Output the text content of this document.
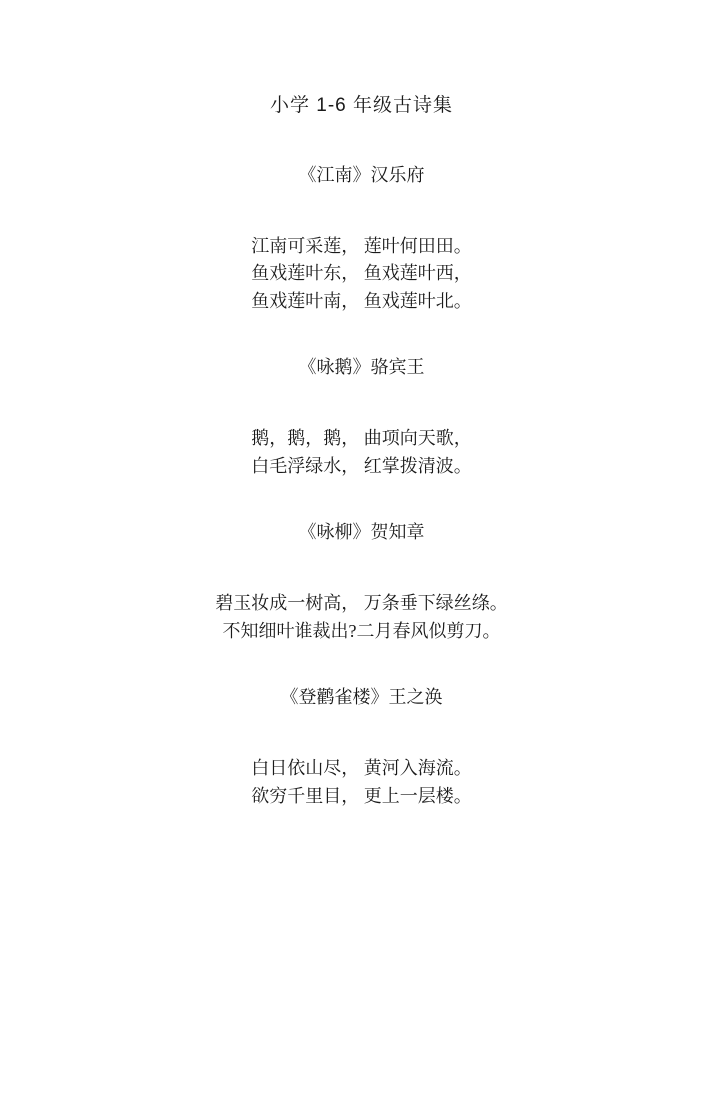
小学 1-6 年级古诗集
《江南》汉乐府
江南可采莲， 莲叶何田田。
鱼戏莲叶东， 鱼戏莲叶西，
鱼戏莲叶南， 鱼戏莲叶北。
《咏鹅》骆宾王
鹅，鹅，鹅， 曲项向天歌，
白毛浮绿水， 红掌拨清波。
《咏柳》贺知章
碧玉妆成一树高， 万条垂下绿丝绦。
不知细叶谁裁出?二月春风似剪刀。
《登鹳雀楼》王之涣
白日依山尽， 黄河入海流。
欲穷千里目， 更上一层楼。
